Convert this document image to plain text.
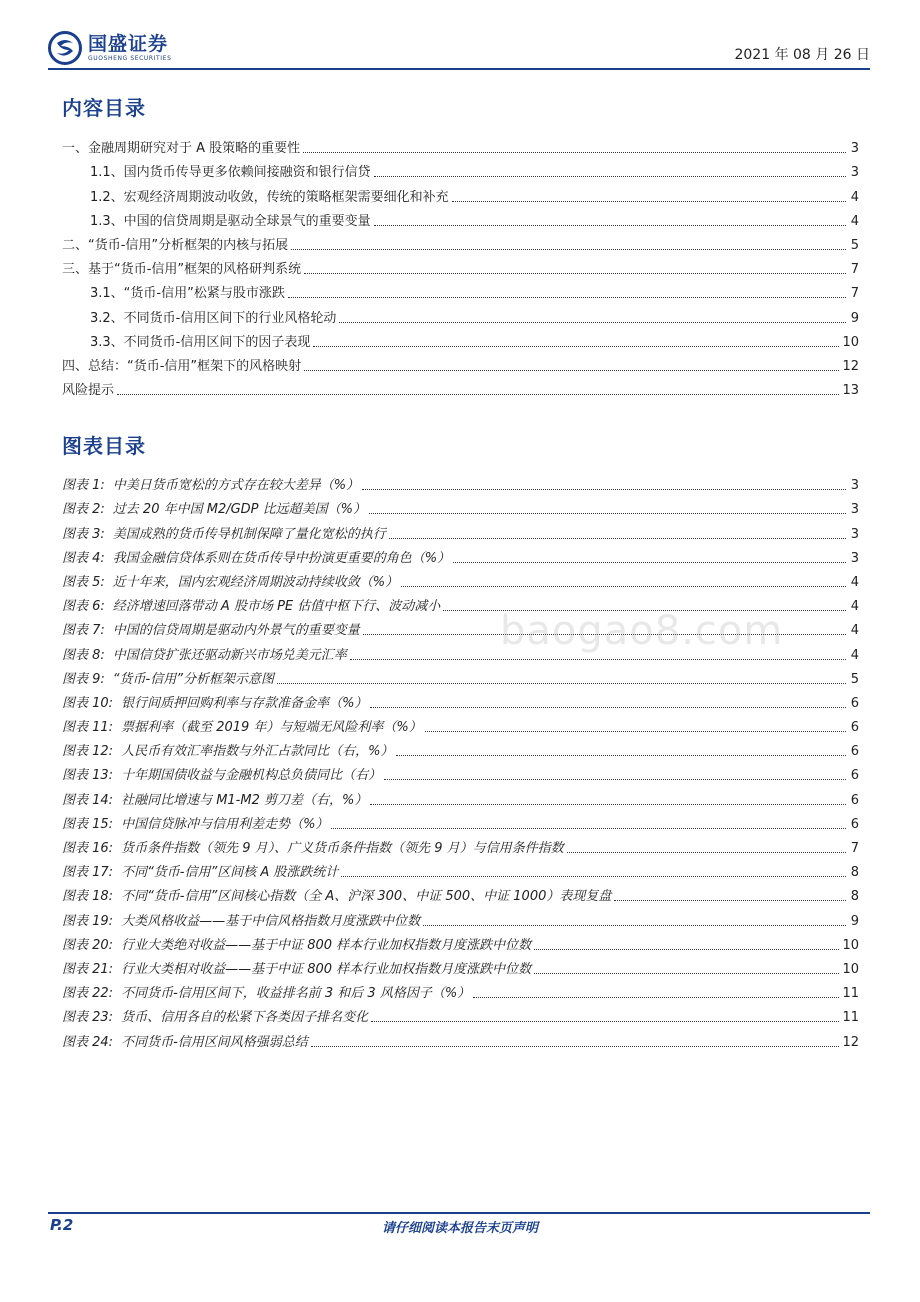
国盛证券
GUOSHENG SECURITIES	2021 年 08 月 26 日
内容目录
一、金融周期研究对于 A 股策略的重要性	3
1.1、国内货币传导更多依赖间接融资和银行信贷	3
1.2、宏观经济周期波动收敛，传统的策略框架需要细化和补充	4
1.3、中国的信贷周期是驱动全球景气的重要变量	4
二、“货币-信用”分析框架的内核与拓展	5
三、基于“货币-信用”框架的风格研判系统	7
3.1、“货币-信用”松紧与股市涨跌	7
3.2、不同货币-信用区间下的行业风格轮动	9
3.3、不同货币-信用区间下的因子表现	10
四、总结：“货币-信用”框架下的风格映射	12
风险提示	13
图表目录
图表 1: 中美日货币宽松的方式存在较大差异（%）	3
图表 2: 过去 20 年中国 M2/GDP 比远超美国（%）	3
图表 3: 美国成熟的货币传导机制保障了量化宽松的执行	3
图表 4: 我国金融信贷体系则在货币传导中扮演更重要的角色（%）	3
图表 5: 近十年来，国内宏观经济周期波动持续收敛（%）	4
图表 6: 经济增速回落带动 A 股市场 PE 估值中枢下行、波动减小	4
图表 7: 中国的信贷周期是驱动内外景气的重要变量	4
图表 8: 中国信贷扩张还驱动新兴市场兑美元汇率	4
图表 9: “货币-信用”分析框架示意图	5
图表 10: 银行间质押回购利率与存款准备金率（%）	6
图表 11: 票据利率（截至 2019 年）与短端无风险利率（%）	6
图表 12: 人民币有效汇率指数与外汇占款同比（右，%）	6
图表 13: 十年期国债收益与金融机构总负债同比（右）	6
图表 14: 社融同比增速与 M1-M2 剪刀差（右，%）	6
图表 15: 中国信贷脉冲与信用利差走势（%）	6
图表 16: 货币条件指数（领先 9 月）、广义货币条件指数（领先 9 月）与信用条件指数	7
图表 17: 不同“货币-信用”区间核 A 股涨跌统计	8
图表 18: 不同“货币-信用”区间核心指数（全 A、沪深 300、中证 500、中证 1000）表现复盘	8
图表 19: 大类风格收益——基于中信风格指数月度涨跌中位数	9
图表 20: 行业大类绝对收益——基于中证 800 样本行业加权指数月度涨跌中位数	10
图表 21: 行业大类相对收益——基于中证 800 样本行业加权指数月度涨跌中位数	10
图表 22: 不同货币-信用区间下，收益排名前 3 和后 3 风格因子（%）	11
图表 23: 货币、信用各自的松紧下各类因子排名变化	11
图表 24: 不同货币-信用区间风格强弱总结	12
baogao8.com
P.2	请仔细阅读本报告末页声明
